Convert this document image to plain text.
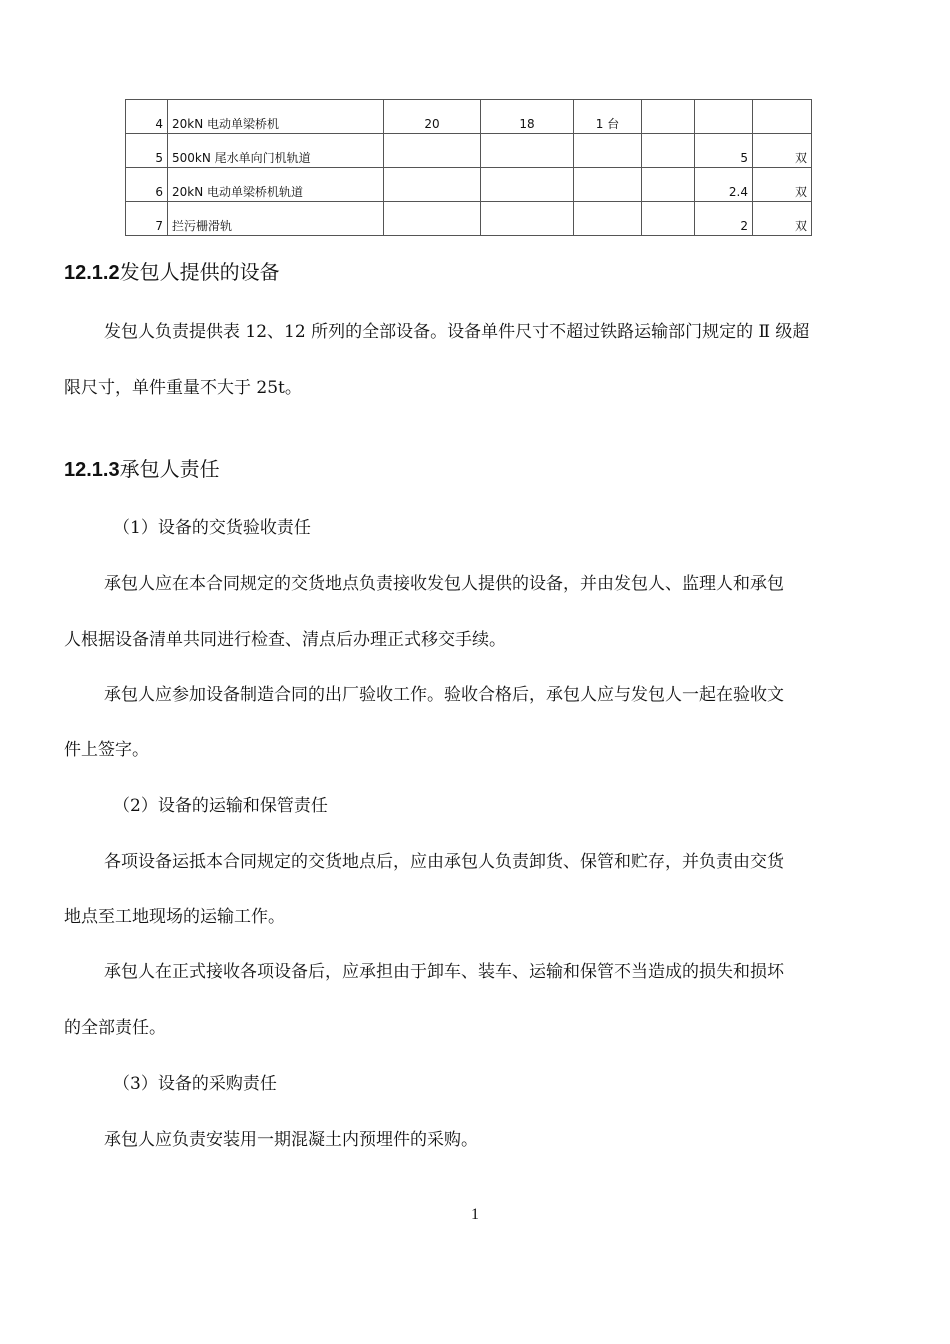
4	20kN 电动单梁桥机	20	18	1 台			
5	500kN 尾水单向门机轨道					5	双
6	20kN 电动单梁桥机轨道					2.4	双
7	拦污栅滑轨					2	双
12.1.2发包人提供的设备

发包人负责提供表 12、12 所列的全部设备。设备单件尺寸不超过铁路运输部门规定的 Ⅱ 级超

限尺寸，单件重量不大于 25t。

12.1.3承包人责任

（1）设备的交货验收责任

承包人应在本合同规定的交货地点负责接收发包人提供的设备，并由发包人、监理人和承包

人根据设备清单共同进行检查、清点后办理正式移交手续。

承包人应参加设备制造合同的出厂验收工作。验收合格后，承包人应与发包人一起在验收文

件上签字。

（2）设备的运输和保管责任

各项设备运抵本合同规定的交货地点后，应由承包人负责卸货、保管和贮存，并负责由交货

地点至工地现场的运输工作。

承包人在正式接收各项设备后，应承担由于卸车、装车、运输和保管不当造成的损失和损坏

的全部责任。

（3）设备的采购责任

承包人应负责安装用一期混凝土内预埋件的采购。

1
